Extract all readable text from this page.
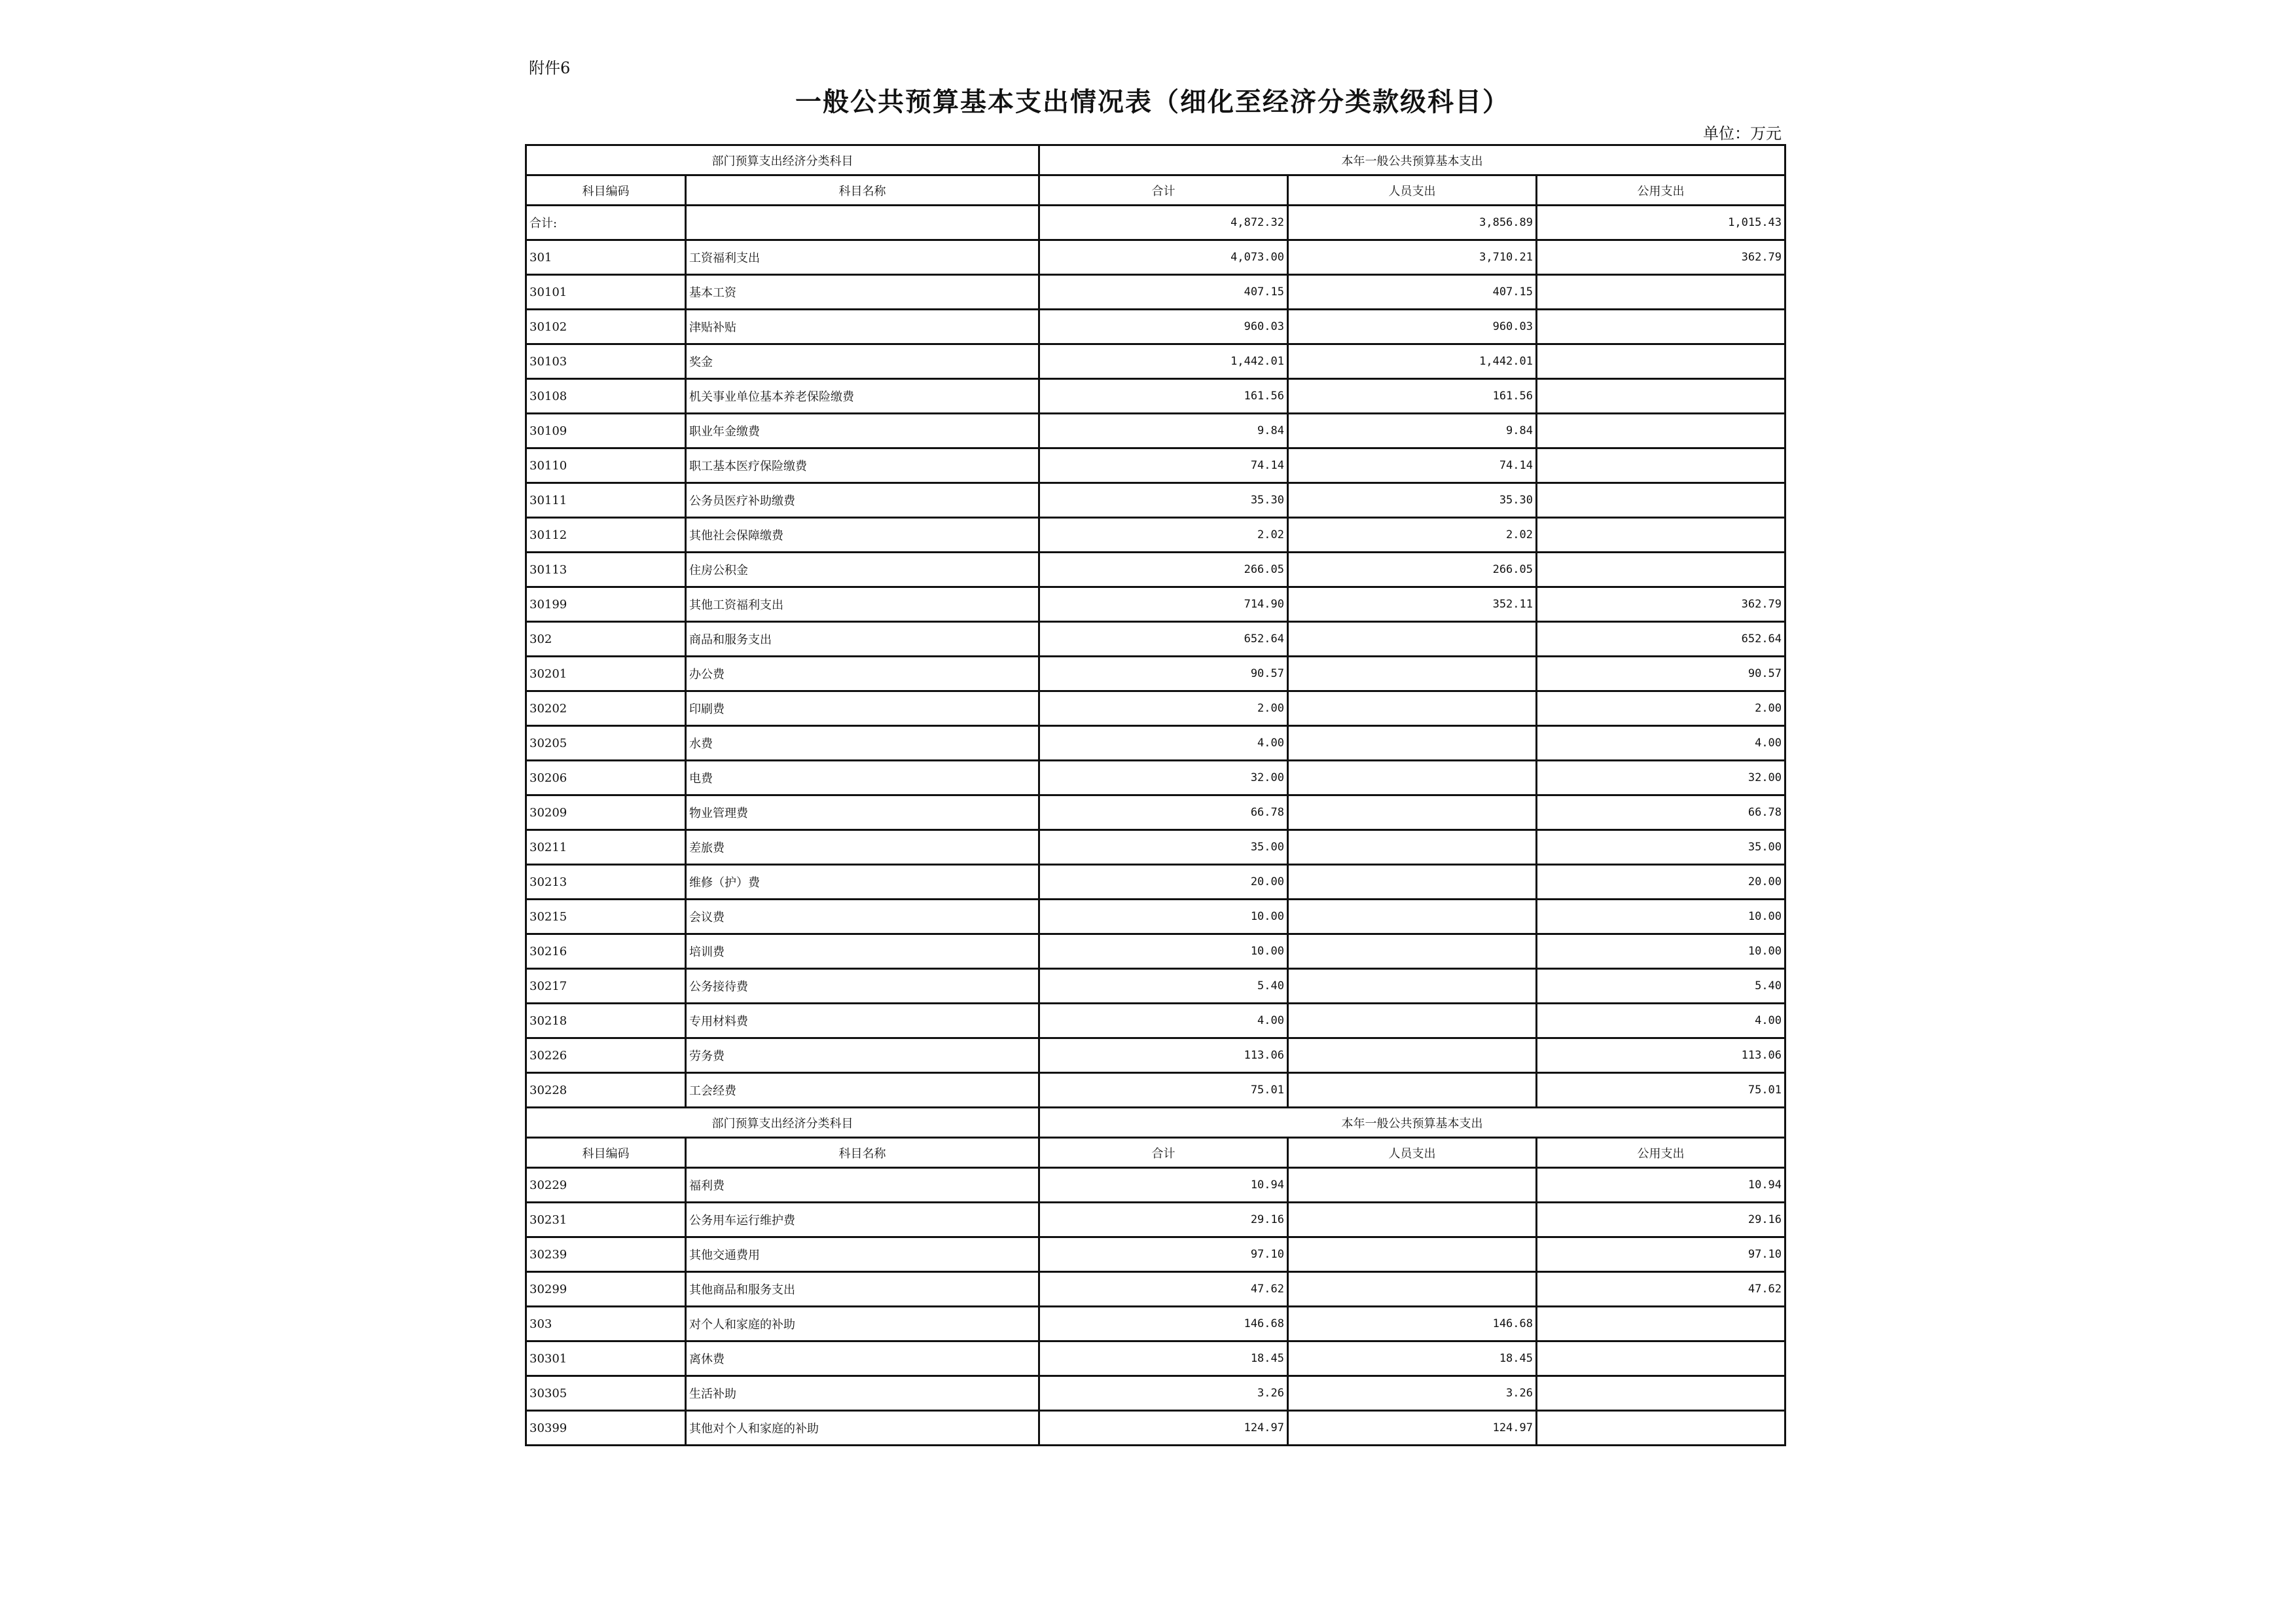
附件6
一般公共预算基本支出情况表（细化至经济分类款级科目）
单位：万元
部门预算支出经济分类科目		本年一般公共预算基本支出		
科目编码	科目名称	合计	人员支出	公用支出
合计:		4,872.32	3,856.89	1,015.43
301	工资福利支出	4,073.00	3,710.21	362.79
30101	基本工资	407.15	407.15	
30102	津贴补贴	960.03	960.03	
30103	奖金	1,442.01	1,442.01	
30108	机关事业单位基本养老保险缴费	161.56	161.56	
30109	职业年金缴费	9.84	9.84	
30110	职工基本医疗保险缴费	74.14	74.14	
30111	公务员医疗补助缴费	35.30	35.30	
30112	其他社会保障缴费	2.02	2.02	
30113	住房公积金	266.05	266.05	
30199	其他工资福利支出	714.90	352.11	362.79
302	商品和服务支出	652.64		652.64
30201	办公费	90.57		90.57
30202	印刷费	2.00		2.00
30205	水费	4.00		4.00
30206	电费	32.00		32.00
30209	物业管理费	66.78		66.78
30211	差旅费	35.00		35.00
30213	维修（护）费	20.00		20.00
30215	会议费	10.00		10.00
30216	培训费	10.00		10.00
30217	公务接待费	5.40		5.40
30218	专用材料费	4.00		4.00
30226	劳务费	113.06		113.06
30228	工会经费	75.01		75.01
部门预算支出经济分类科目		本年一般公共预算基本支出		
科目编码	科目名称	合计	人员支出	公用支出
30229	福利费	10.94		10.94
30231	公务用车运行维护费	29.16		29.16
30239	其他交通费用	97.10		97.10
30299	其他商品和服务支出	47.62		47.62
303	对个人和家庭的补助	146.68	146.68	
30301	离休费	18.45	18.45	
30305	生活补助	3.26	3.26	
30399	其他对个人和家庭的补助	124.97	124.97	
